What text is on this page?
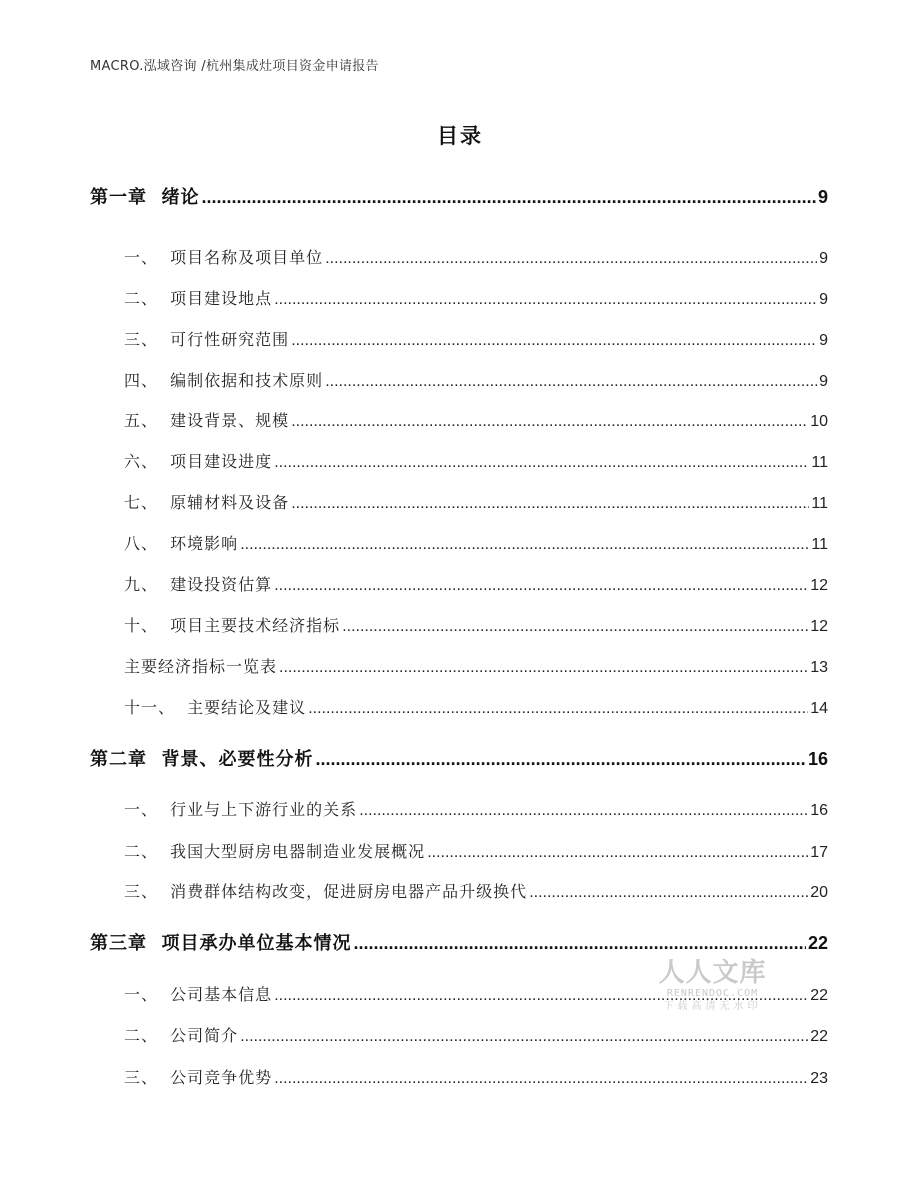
MACRO.泓域咨询 /杭州集成灶项目资金申请报告
目录
第一章  绪论 .....	9
一、  项目名称及项目单位 .....	9
二、  项目建设地点 .....	9
三、  可行性研究范围 .....	9
四、  编制依据和技术原则 .....	9
五、  建设背景、规模 .....	10
六、  项目建设进度 .....	11
七、  原辅材料及设备 .....	11
八、  环境影响 .....	11
九、  建设投资估算 .....	12
十、  项目主要技术经济指标 .....	12
主要经济指标一览表 .....	13
十一、  主要结论及建议 .....	14
第二章  背景、必要性分析 .....	16
一、  行业与上下游行业的关系 .....	16
二、  我国大型厨房电器制造业发展概况 .....	17
三、  消费群体结构改变，促进厨房电器产品升级换代 .....	20
第三章  项目承办单位基本情况 .....	22
一、  公司基本信息 .....	22
二、  公司简介 .....	22
三、  公司竞争优势 .....	23
人人文库
RENRENDOC.COM
下载高清无水印
